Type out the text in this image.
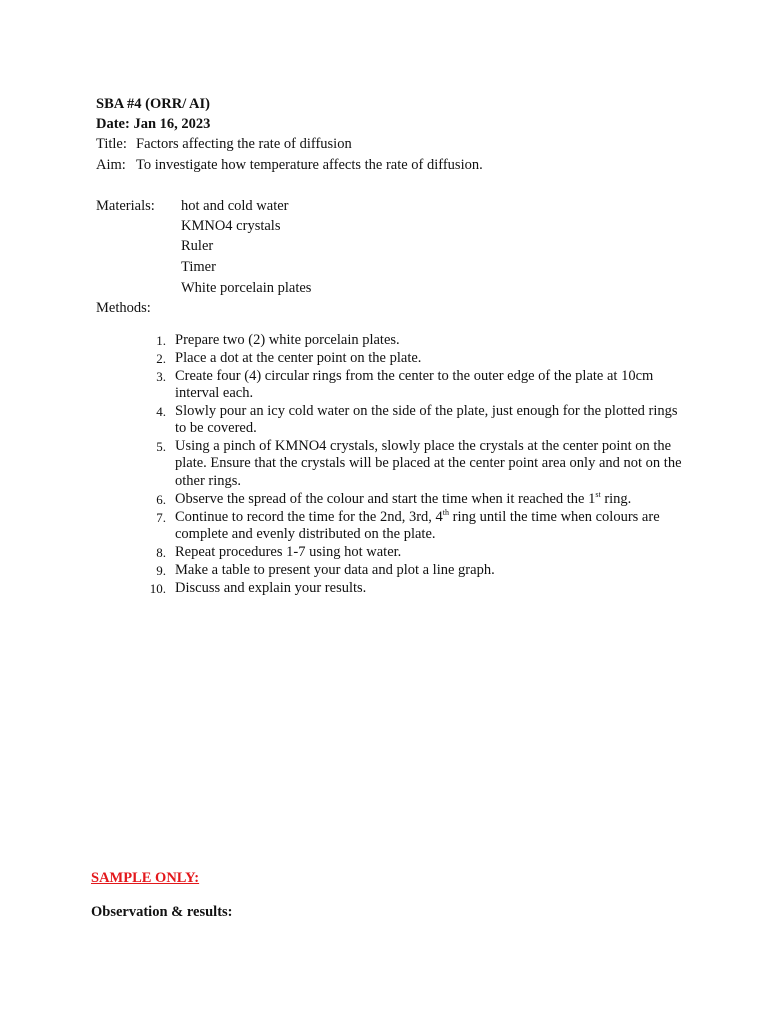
SBA #4 (ORR/ AI)
Date: Jan 16, 2023
Title: Factors affecting the rate of diffusion
Aim: To investigate how temperature affects the rate of diffusion.
Materials: hot and cold water
KMNO4 crystals
Ruler
Timer
White porcelain plates
Methods:
1. Prepare two (2) white porcelain plates.
2. Place a dot at the center point on the plate.
3. Create four (4) circular rings from the center to the outer edge of the plate at 10cm interval each.
4. Slowly pour an icy cold water on the side of the plate, just enough for the plotted rings to be covered.
5. Using a pinch of KMNO4 crystals, slowly place the crystals at the center point on the plate. Ensure that the crystals will be placed at the center point area only and not on the other rings.
6. Observe the spread of the colour and start the time when it reached the 1st ring.
7. Continue to record the time for the 2nd, 3rd, 4th ring until the time when colours are complete and evenly distributed on the plate.
8. Repeat procedures 1-7 using hot water.
9. Make a table to present your data and plot a line graph.
10. Discuss and explain your results.
SAMPLE ONLY:
Observation & results:
